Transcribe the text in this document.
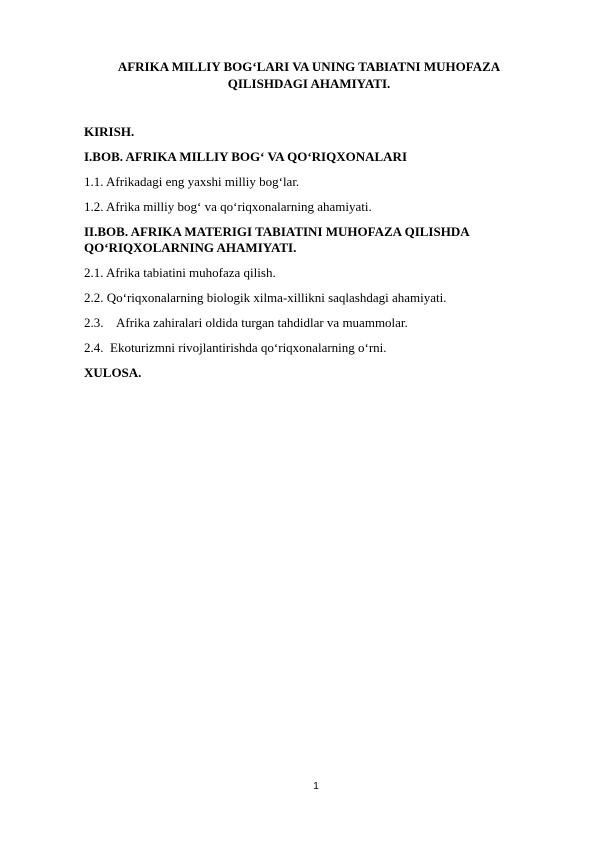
AFRIKA MILLIY BOG‘LARI VA UNING TABIATNI MUHOFAZA QILISHDAGI AHAMIYATI.
KIRISH.
I.BOB. AFRIKA MILLIY BOG‘ VA QO‘RIQXONALARI
1.1. Afrikadagi eng yaxshi milliy bog‘lar.
1.2. Afrika milliy bog‘ va qo‘riqxonalarning ahamiyati.
II.BOB. AFRIKA MATERIGI TABIATINI MUHOFAZA QILISHDA QO‘RIQXOLARNING AHAMIYATI.
2.1. Afrika tabiatini muhofaza qilish.
2.2. Qo‘riqxonalarning biologik xilma-xillikni saqlashdagi ahamiyati.
2.3. Afrika zahiralari oldida turgan tahdidlar va muammolar.
2.4. Ekoturizmni rivojlantirishda qo‘riqxonalarning o‘rni.
XULOSA.
1
